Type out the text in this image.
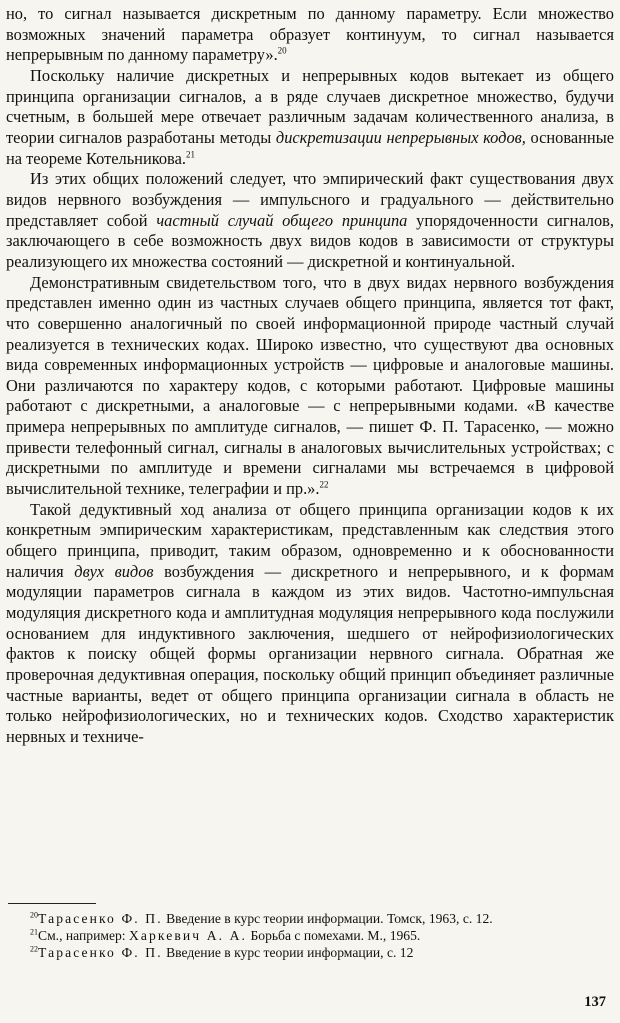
но, то сигнал называется дискретным по данному параметру. Если множество возможных значений параметра образует континуум, то сигнал называется непрерывным по данному параметру».$^{20}$

Поскольку наличие дискретных и непрерывных кодов вытекает из общего принципа организации сигналов, а в ряде случаев дискретное множество, будучи счетным, в большей мере отвечает различным задачам количественного анализа, в теории сигналов разработаны методы дискретизации непрерывных кодов, основанные на теореме Котельникова.$^{21}$

Из этих общих положений следует, что эмпирический факт существования двух видов нервного возбуждения — импульсного и градуального — действительно представляет собой частный случай общего принципа упорядоченности сигналов, заключающего в себе возможность двух видов кодов в зависимости от структуры реализующего их множества состояний — дискретной и континуальной.

Демонстративным свидетельством того, что в двух видах нервного возбуждения представлен именно один из частных случаев общего принципа, является тот факт, что совершенно аналогичный по своей информационной природе частный случай реализуется в технических кодах. Широко известно, что существуют два основных вида современных информационных устройств — цифровые и аналоговые машины. Они различаются по характеру кодов, с которыми работают. Цифровые машины работают с дискретными, а аналоговые — с непрерывными кодами. «В качестве примера непрерывных по амплитуде сигналов, — пишет Ф. П. Тарасенко, — можно привести телефонный сигнал, сигналы в аналоговых вычислительных устройствах; с дискретными по амплитуде и времени сигналами мы встречаемся в цифровой вычислительной технике, телеграфии и пр.».$^{22}$

Такой дедуктивный ход анализа от общего принципа организации кодов к их конкретным эмпирическим характеристикам, представленным как следствия этого общего принципа, приводит, таким образом, одновременно и к обоснованности наличия двух видов возбуждения — дискретного и непрерывного, и к формам модуляции параметров сигнала в каждом из этих видов. Частотно-импульсная модуляция дискретного кода и амплитудная модуляция непрерывного кода послужили основанием для индуктивного заключения, шедшего от нейрофизиологических фактов к поиску общей формы организации нервного сигнала. Обратная же проверочная дедуктивная операция, поскольку общий принцип объединяет различные частные варианты, ведет от общего принципа организации сигнала в область не только нейрофизиологических, но и технических кодов. Сходство характеристик нервных и техниче-

$^{20}$Тарасенко Ф. П. Введение в курс теории информации. Томск, 1963, с. 12.

$^{21}$См., например: Харкевич А. А. Борьба с помехами. М., 1965.

$^{22}$Тарасенко Ф. П. Введение в курс теории информации, с. 12

137
